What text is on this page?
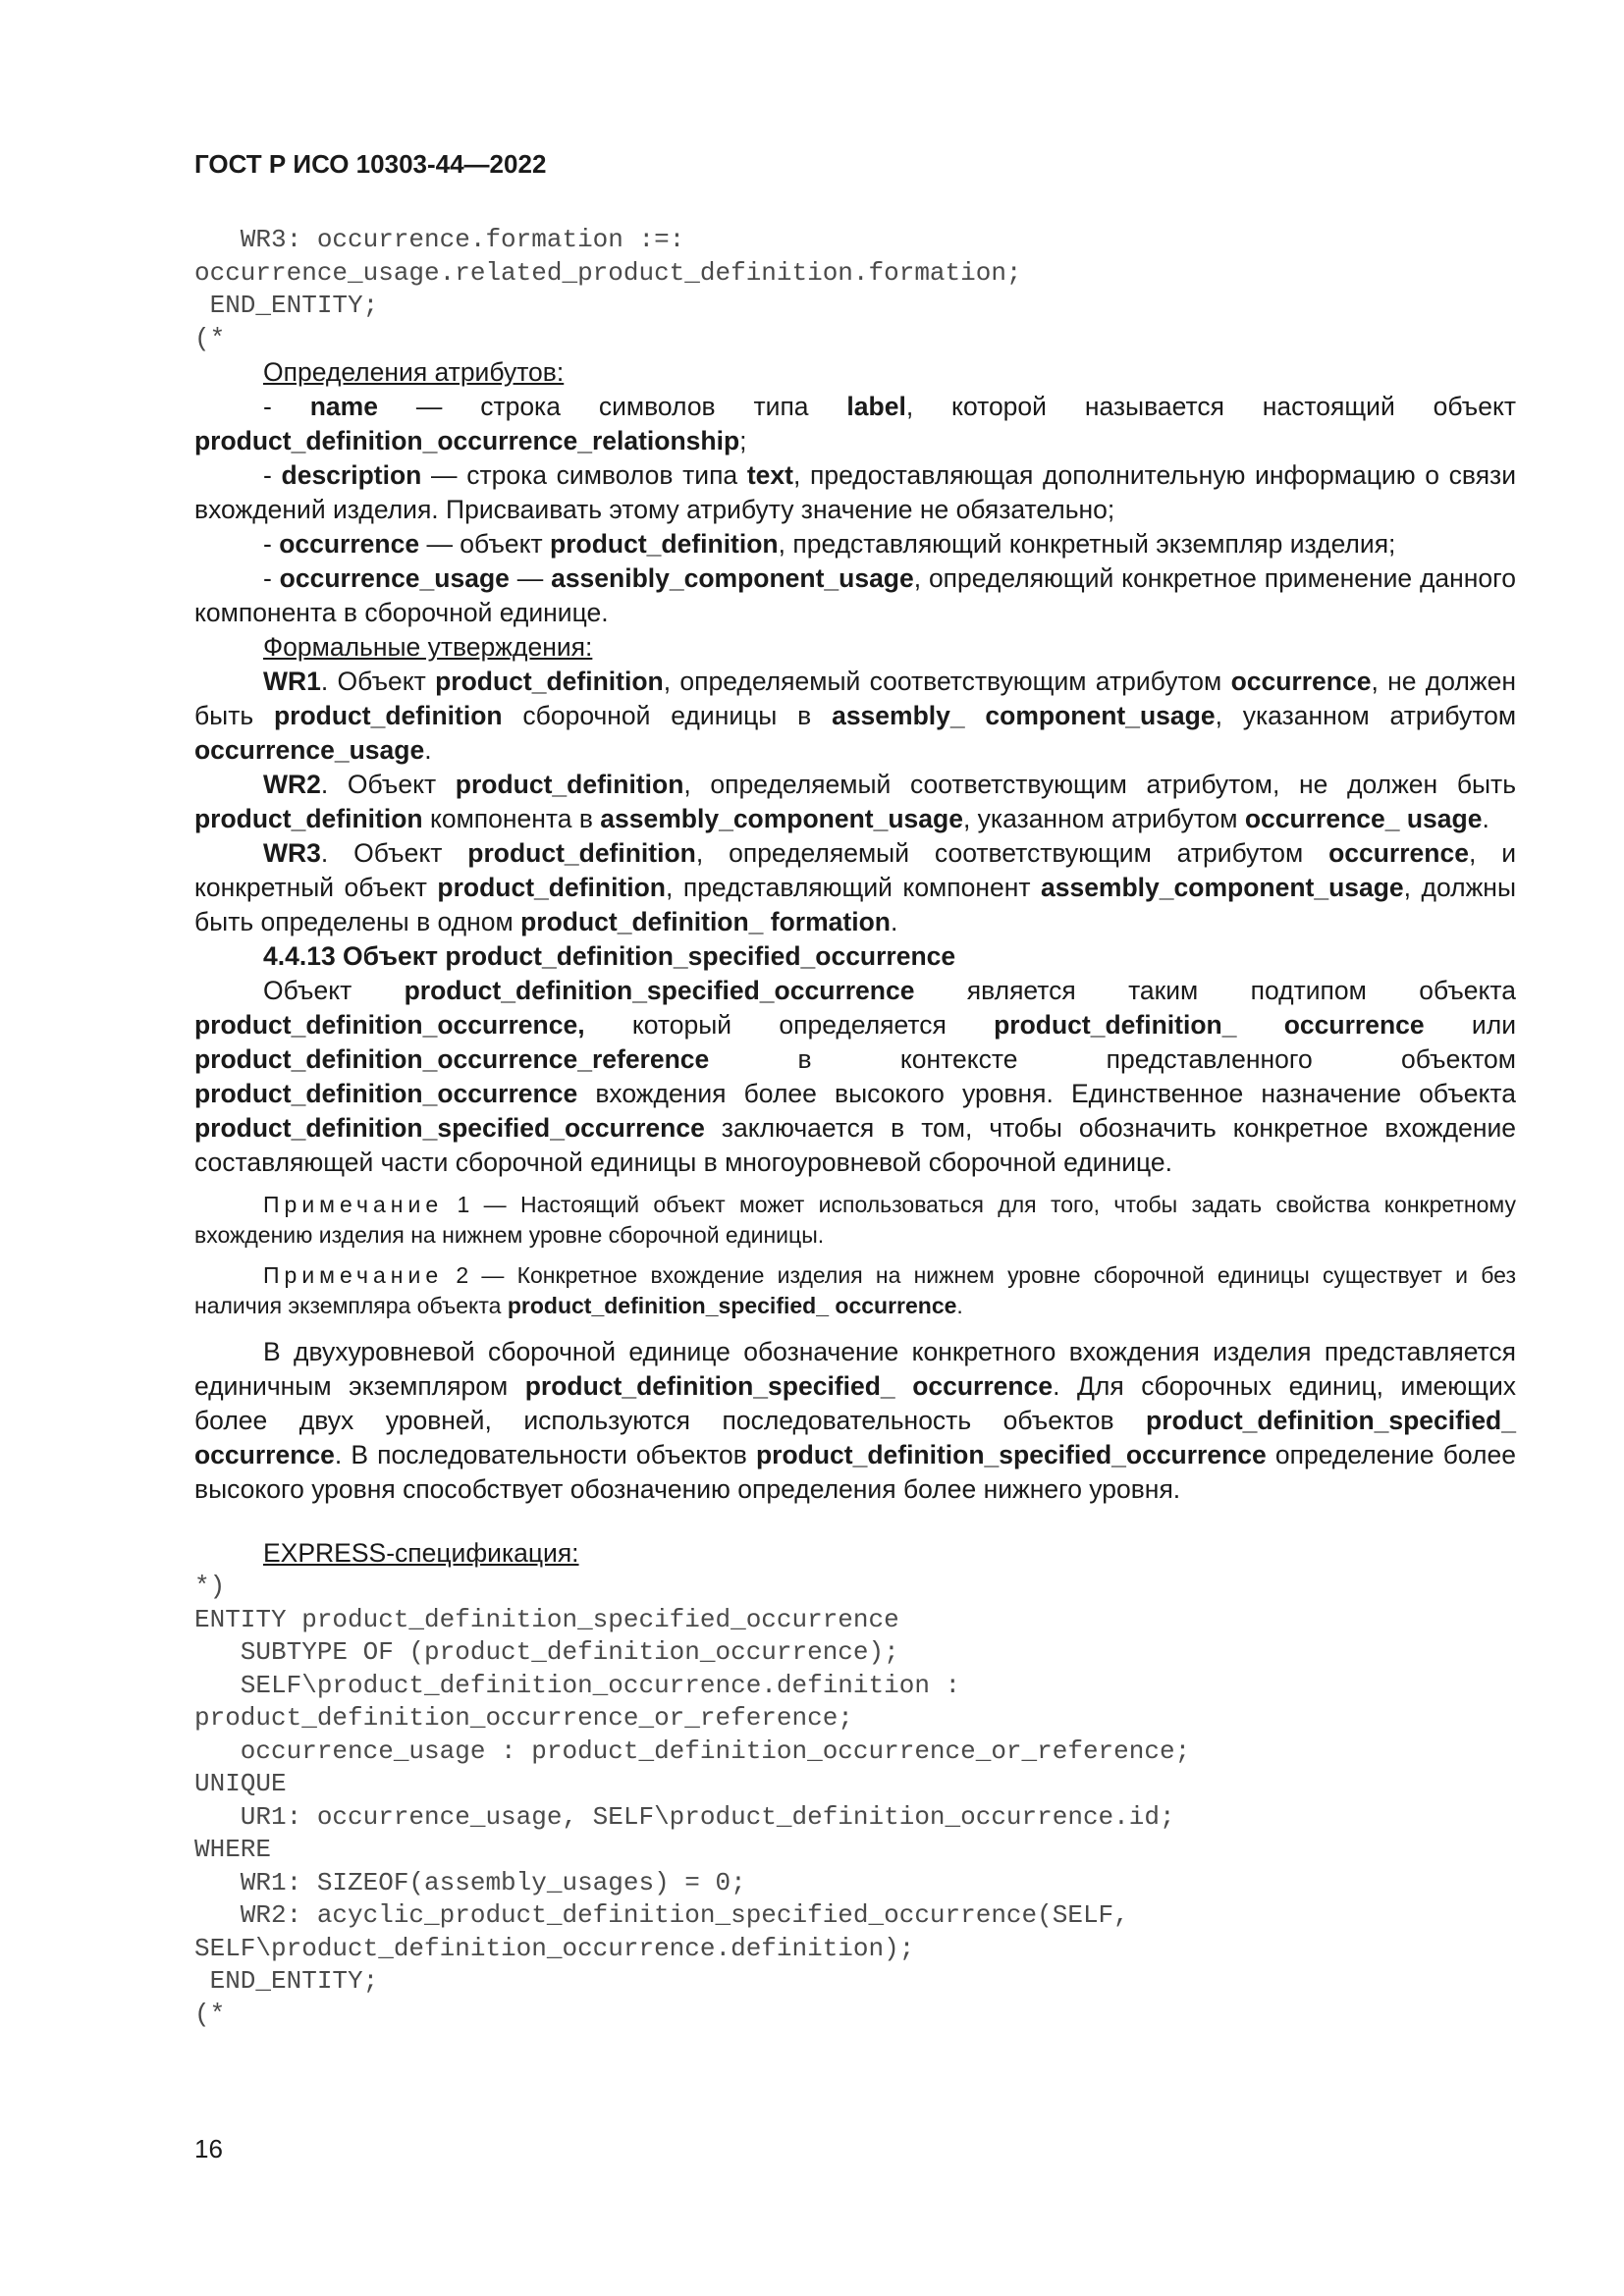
ГОСТ Р ИСО 10303-44—2022
WR3: occurrence.formation :=:
occurrence_usage.related_product_definition.formation;
END_ENTITY;
(*

Определения атрибутов:

- name — строка символов типа label, которой называется настоящий объект product_definition_occurrence_relationship;

- description — строка символов типа text, предоставляющая дополнительную информацию о связи вхождений изделия. Присваивать этому атрибуту значение не обязательно;

- occurrence — объект product_definition, представляющий конкретный экземпляр изделия;

- occurrence_usage — assenibly_component_usage, определяющий конкретное применение данного компонента в сборочной единице.

Формальные утверждения:

WR1. Объект product_definition, определяемый соответствующим атрибутом occurrence, не должен быть product_definition сборочной единицы в assembly_ component_usage, указанном атрибутом occurrence_usage.

WR2. Объект product_definition, определяемый соответствующим атрибутом, не должен быть product_definition компонента в assembly_component_usage, указанном атрибутом occurrence_ usage.

WR3. Объект product_definition, определяемый соответствующим атрибутом occurrence, и конкретный объект product_definition, представляющий компонент assembly_component_usage, должны быть определены в одном product_definition_ formation.

4.4.13 Объект product_definition_specified_occurrence

Объект product_definition_specified_occurrence является таким подтипом объекта product_definition_occurrence, который определяется product_definition_ occurrence или product_definition_occurrence_reference в контексте представленного объектом product_definition_occurrence вхождения более высокого уровня. Единственное назначение объекта product_definition_specified_occurrence заключается в том, чтобы обозначить конкретное вхождение составляющей части сборочной единицы в многоуровневой сборочной единице.

Примечание 1 — Настоящий объект может использоваться для того, чтобы задать свойства конкретному вхождению изделия на нижнем уровне сборочной единицы.

Примечание 2 — Конкретное вхождение изделия на нижнем уровне сборочной единицы существует и без наличия экземпляра объекта product_definition_specified_ occurrence.

В двухуровневой сборочной единице обозначение конкретного вхождения изделия представляется единичным экземпляром product_definition_specified_ occurrence. Для сборочных единиц, имеющих более двух уровней, используются последовательность объектов product_definition_specified_ occurrence. В последовательности объектов product_definition_specified_occurrence определение более высокого уровня способствует обозначению определения более нижнего уровня.

EXPRESS-спецификация:

*)
ENTITY product_definition_specified_occurrence
SUBTYPE OF (product_definition_occurrence);
SELF\product_definition_occurrence.definition :
product_definition_occurrence_or_reference;
occurrence_usage : product_definition_occurrence_or_reference;
UNIQUE
UR1: occurrence_usage, SELF\product_definition_occurrence.id;
WHERE
WR1: SIZEOF(assembly_usages) = 0;
WR2: acyclic_product_definition_specified_occurrence(SELF,
SELF\product_definition_occurrence.definition);
END_ENTITY;
(*
16
